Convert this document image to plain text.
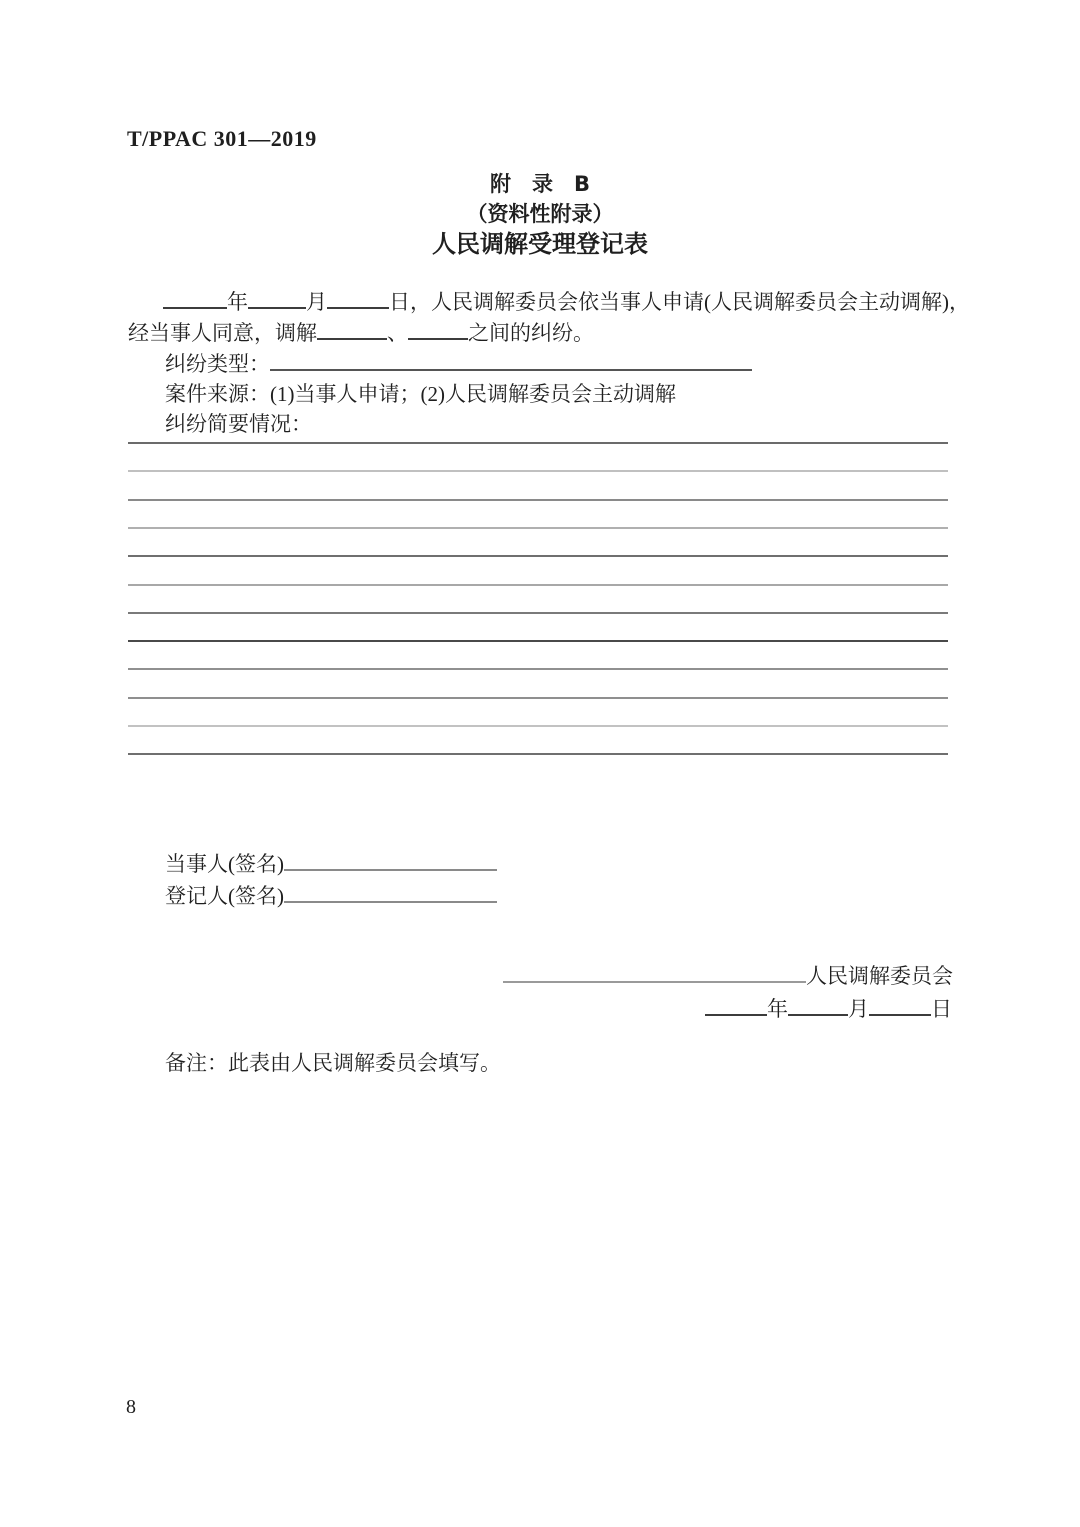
T/PPAC 301—2019
附　录　B
（资料性附录）
人民调解受理登记表
年	月	日，人民调解委员会依当事人申请(人民调解委员会主动调解)，
经当事人同意，调解	、	之间的纠纷。
纠纷类型：
案件来源：(1)当事人申请；(2)人民调解委员会主动调解
纠纷简要情况：
当事人(签名)
登记人(签名)
人民调解委员会
年	月	日
备注：此表由人民调解委员会填写。
8
